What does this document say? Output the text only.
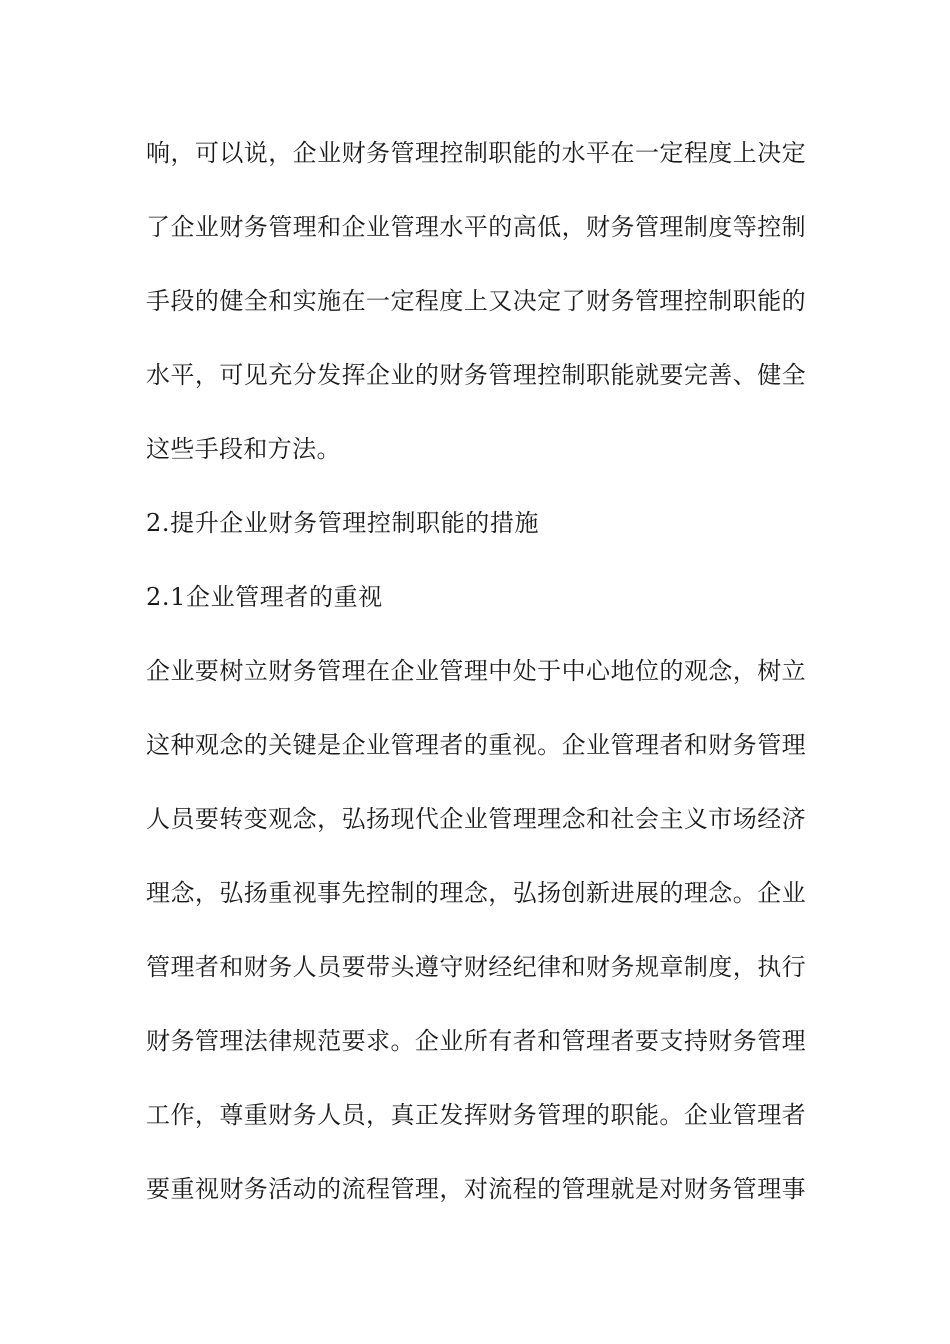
响，可以说，企业财务管理控制职能的水平在一定程度上决定
了企业财务管理和企业管理水平的高低，财务管理制度等控制
手段的健全和实施在一定程度上又决定了财务管理控制职能的
水平，可见充分发挥企业的财务管理控制职能就要完善、健全
这些手段和方法。
2.提升企业财务管理控制职能的措施
2.1企业管理者的重视
企业要树立财务管理在企业管理中处于中心地位的观念，树立
这种观念的关键是企业管理者的重视。企业管理者和财务管理
人员要转变观念，弘扬现代企业管理理念和社会主义市场经济
理念，弘扬重视事先控制的理念，弘扬创新进展的理念。企业
管理者和财务人员要带头遵守财经纪律和财务规章制度，执行
财务管理法律规范要求。企业所有者和管理者要支持财务管理
工作，尊重财务人员，真正发挥财务管理的职能。企业管理者
要重视财务活动的流程管理，对流程的管理就是对财务管理事
